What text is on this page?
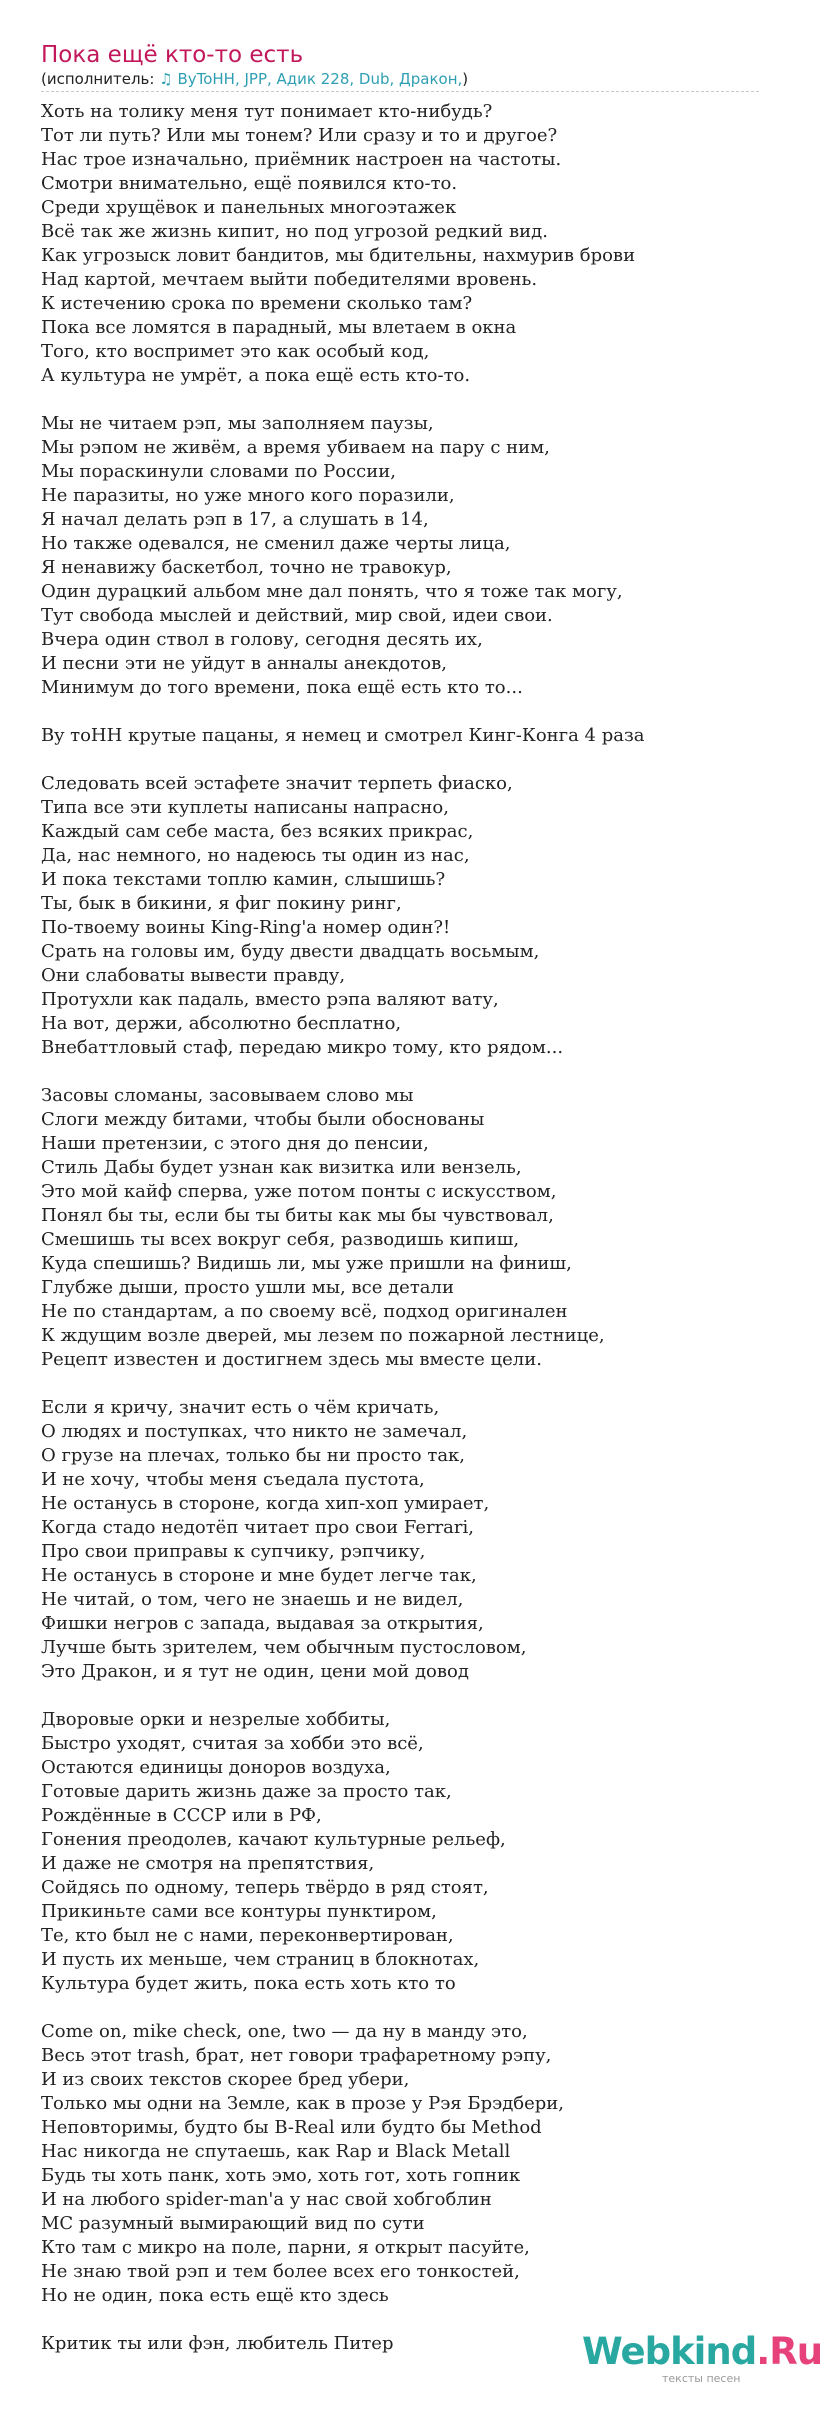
Пока ещё кто-то есть
(исполнитель: ♫ ByToHH, JPP, Адик 228, Dub, Дракон,)
Хоть на толику меня тут понимает кто-нибудь?
Тот ли путь? Или мы тонем? Или сразу и то и другое?
Нас трое изначально, приёмник настроен на частоты.
Смотри внимательно, ещё появился кто-то.
Среди хрущёвок и панельных многоэтажек
Всё так же жизнь кипит, но под угрозой редкий вид.
Как угрозыск ловит бандитов, мы бдительны, нахмурив брови
Над картой, мечтаем выйти победителями вровень.
К истечению срока по времени сколько там?
Пока все ломятся в парадный, мы влетаем в окна
Того, кто воспримет это как особый код,
А культура не умрёт, а пока ещё есть кто-то.
Мы не читаем рэп, мы заполняем паузы,
Мы рэпом не живём, а время убиваем на пару с ним,
Мы пораскинули словами по России,
Не паразиты, но уже много кого поразили,
Я начал делать рэп в 17, а слушать в 14,
Но также одевался, не сменил даже черты лица,
Я ненавижу баскетбол, точно не травокур,
Один дурацкий альбом мне дал понять, что я тоже так могу,
Тут свобода мыслей и действий, мир свой, идеи свои.
Вчера один ствол в голову, сегодня десять их,
И песни эти не уйдут в анналы анекдотов,
Минимум до того времени, пока ещё есть кто то...
By тоНН крутые пацаны, я немец и смотрел Кинг-Конга 4 раза
Следовать всей эстафете значит терпеть фиаско,
Типа все эти куплеты написаны напрасно,
Каждый сам себе маста, без всяких прикрас,
Да, нас немного, но надеюсь ты один из нас,
И пока текстами топлю камин, слышишь?
Ты, бык в бикини, я фиг покину ринг,
По-твоему воины King-Ring'a номер один?!
Срать на головы им, буду двести двадцать восьмым,
Они слабоваты вывести правду,
Протухли как падаль, вместо рэпа валяют вату,
На вот, держи, абсолютно бесплатно,
Внебаттловый стаф, передаю микро тому, кто рядом...
Засовы сломаны, засовываем слово мы
Слоги между битами, чтобы были обоснованы
Наши претензии, с этого дня до пенсии,
Стиль Дабы будет узнан как визитка или вензель,
Это мой кайф сперва, уже потом понты с искусством,
Понял бы ты, если бы ты биты как мы бы чувствовал,
Смешишь ты всех вокруг себя, разводишь кипиш,
Куда спешишь? Видишь ли, мы уже пришли на финиш,
Глубже дыши, просто ушли мы, все детали
Не по стандартам, а по своему всё, подход оригинален
К ждущим возле дверей, мы лезем по пожарной лестнице,
Рецепт известен и достигнем здесь мы вместе цели.
Если я кричу, значит есть о чём кричать,
О людях и поступках, что никто не замечал,
О грузе на плечах, только бы ни просто так,
И не хочу, чтобы меня съедала пустота,
Не останусь в стороне, когда хип-хоп умирает,
Когда стадо недотёп читает про свои Ferrari,
Про свои приправы к супчику, рэпчику,
Не останусь в стороне и мне будет легче так,
Не читай, о том, чего не знаешь и не видел,
Фишки негров с запада, выдавая за открытия,
Лучше быть зрителем, чем обычным пустословом,
Это Дракон, и я тут не один, цени мой довод
Дворовые орки и незрелые хоббиты,
Быстро уходят, считая за хобби это всё,
Остаются единицы доноров воздуха,
Готовые дарить жизнь даже за просто так,
Рождённые в СССР или в РФ,
Гонения преодолев, качают культурные рельеф,
И даже не смотря на препятствия,
Сойдясь по одному, теперь твёрдо в ряд стоят,
Прикиньте сами все контуры пунктиром,
Те, кто был не с нами, переконвертирован,
И пусть их меньше, чем страниц в блокнотах,
Культура будет жить, пока есть хоть кто то
Come on, mike check, one, two — да ну в манду это,
Весь этот trash, брат, нет говори трафаретному рэпу,
И из своих текстов скорее бред убери,
Только мы одни на Земле, как в прозе у Рэя Брэдбери,
Неповторимы, будто бы B-Real или будто бы Method
Нас никогда не спутаешь, как Rap и Black Metall
Будь ты хоть панк, хоть эмо, хоть гот, хоть гопник
И на любого spider-man'a у нас свой хобгоблин
MC разумный вымирающий вид по сути
Кто там с микро на поле, парни, я открыт пасуйте,
Не знаю твой рэп и тем более всех его тонкостей,
Но не один, пока есть ещё кто здесь
Критик ты или фэн, любитель Питер	Webkind.Ru
тексты песен
